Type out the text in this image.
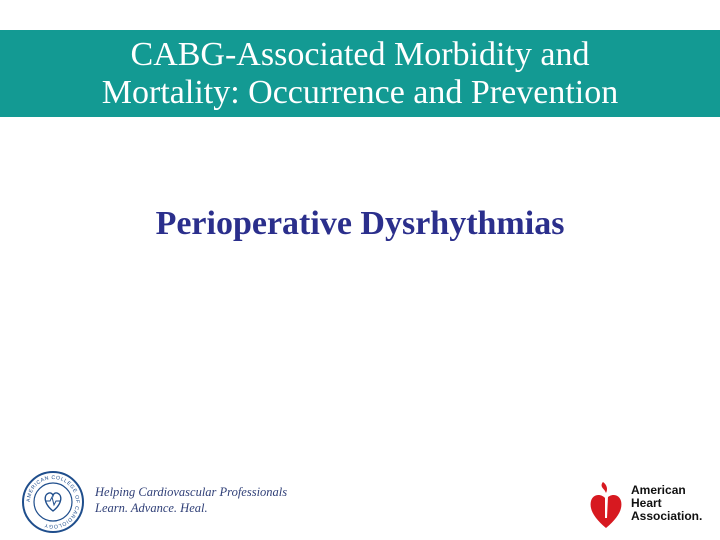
CABG-Associated Morbidity and
Mortality: Occurrence and Prevention
Perioperative Dysrhythmias
AMERICAN COLLEGE OF CARDIOLOGY
Helping Cardiovascular Professionals
Learn. Advance. Heal.
American
Heart
Association.
